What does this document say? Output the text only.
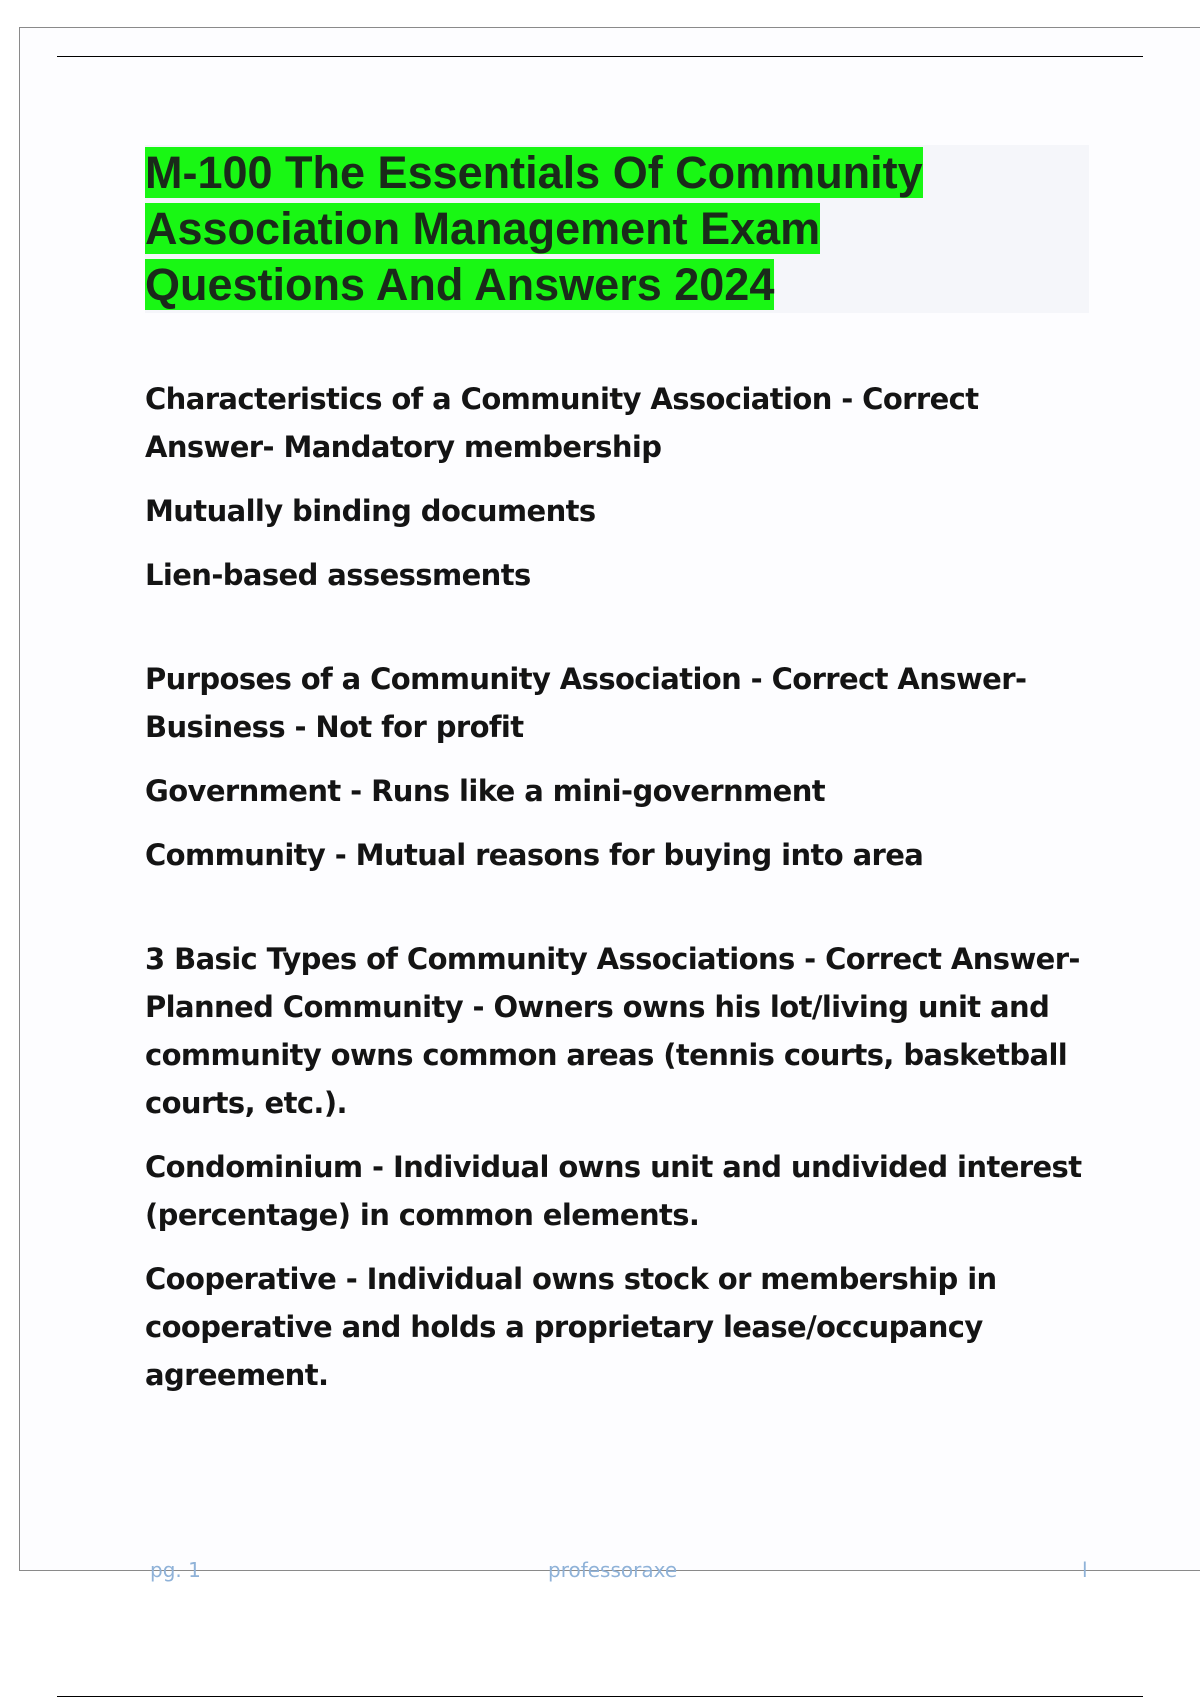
M-100 The Essentials Of Community
Association Management Exam
Questions And Answers 2024

Characteristics of a Community Association - Correct Answer- Mandatory membership

Mutually binding documents

Lien-based assessments

Purposes of a Community Association - Correct Answer- Business - Not for profit

Government - Runs like a mini-government

Community - Mutual reasons for buying into area

3 Basic Types of Community Associations - Correct Answer- Planned Community - Owners owns his lot/living unit and community owns common areas (tennis courts, basketball courts, etc.).

Condominium - Individual owns unit and undivided interest (percentage) in common elements.

Cooperative - Individual owns stock or membership in cooperative and holds a proprietary lease/occupancy agreement.

pg. 1	professoraxe	l
